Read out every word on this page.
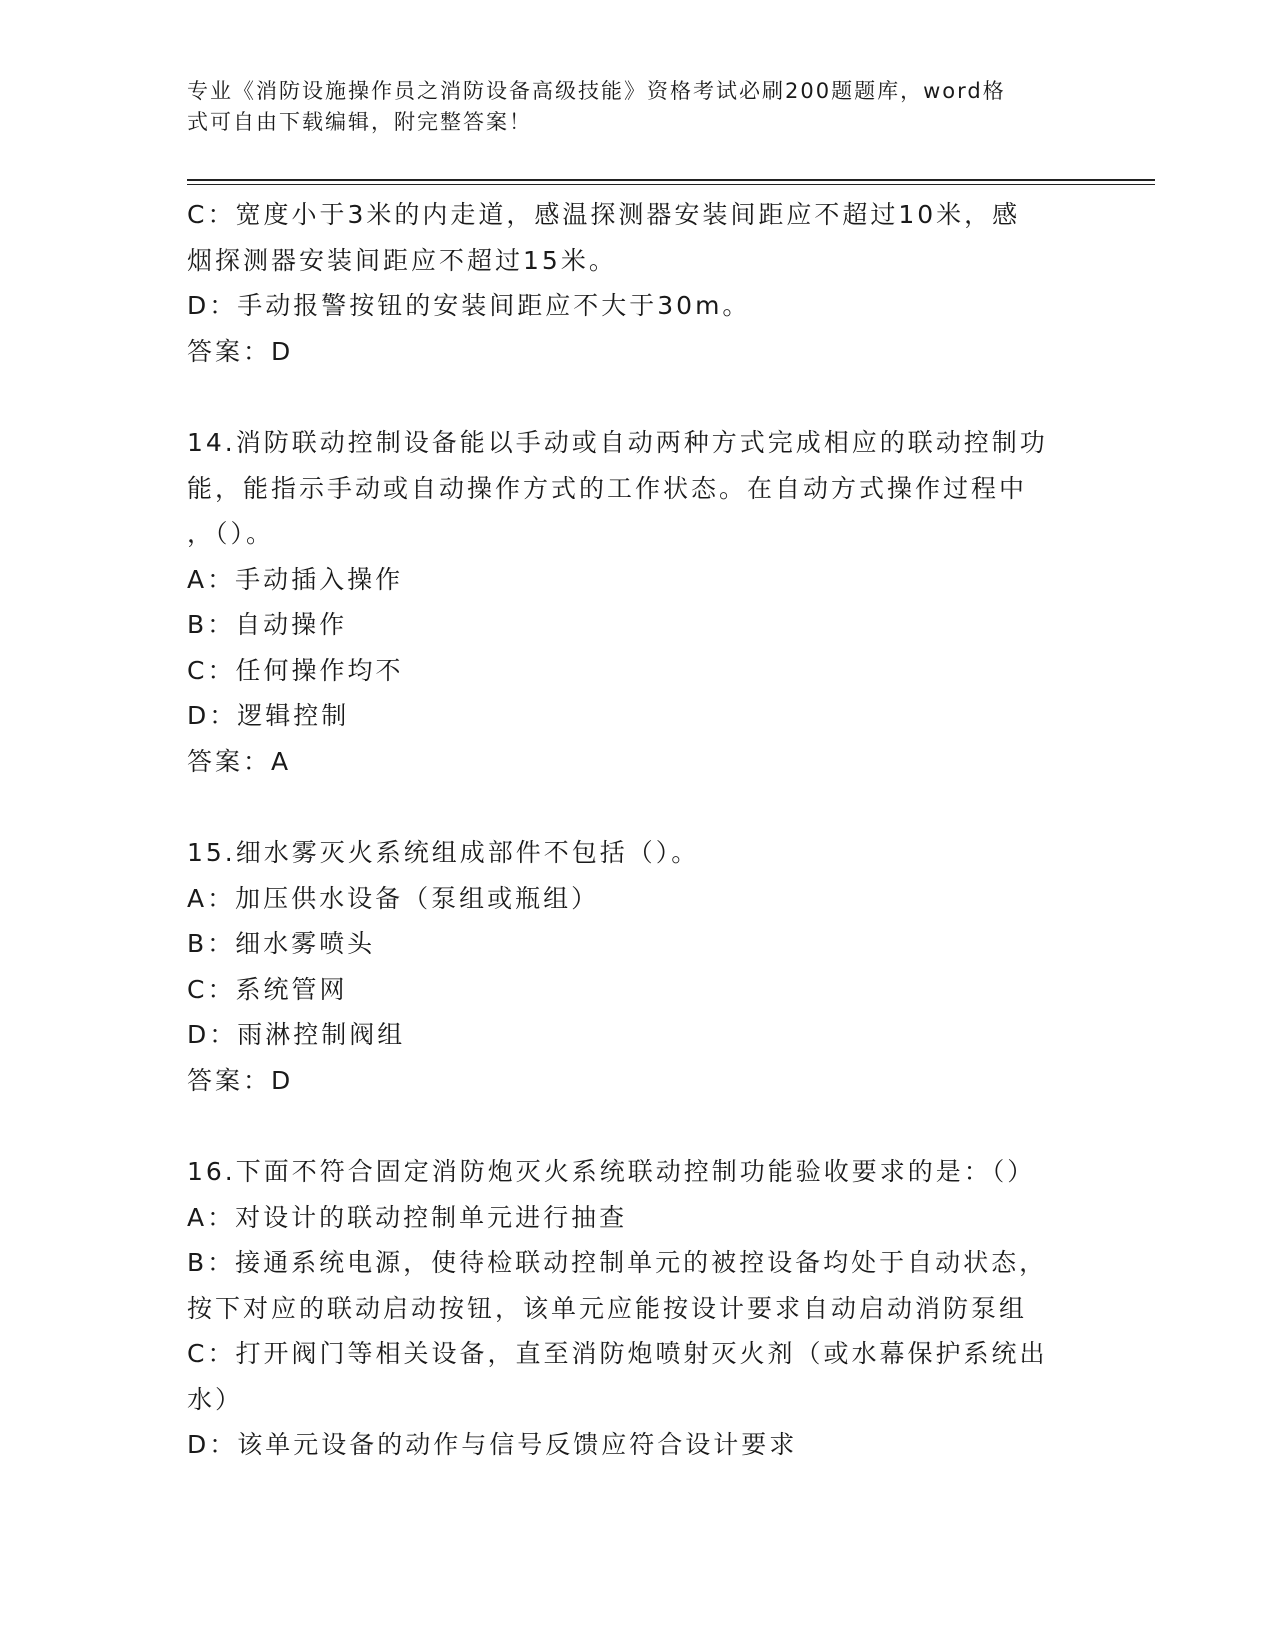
专业《消防设施操作员之消防设备高级技能》资格考试必刷200题题库，word格
式可自由下载编辑，附完整答案！
C：宽度小于3米的内走道，感温探测器安装间距应不超过10米，感
烟探测器安装间距应不超过15米。
D：手动报警按钮的安装间距应不大于30m。
答案：D
14.消防联动控制设备能以手动或自动两种方式完成相应的联动控制功
能，能指示手动或自动操作方式的工作状态。在自动方式操作过程中
，（）。
A：手动插入操作
B：自动操作
C：任何操作均不
D：逻辑控制
答案：A
15.细水雾灭火系统组成部件不包括（）。
A：加压供水设备（泵组或瓶组）
B：细水雾喷头
C：系统管网
D：雨淋控制阀组
答案：D
16.下面不符合固定消防炮灭火系统联动控制功能验收要求的是：（）
A：对设计的联动控制单元进行抽查
B：接通系统电源，使待检联动控制单元的被控设备均处于自动状态，
按下对应的联动启动按钮，该单元应能按设计要求自动启动消防泵组
C：打开阀门等相关设备，直至消防炮喷射灭火剂（或水幕保护系统出
水）
D：该单元设备的动作与信号反馈应符合设计要求
